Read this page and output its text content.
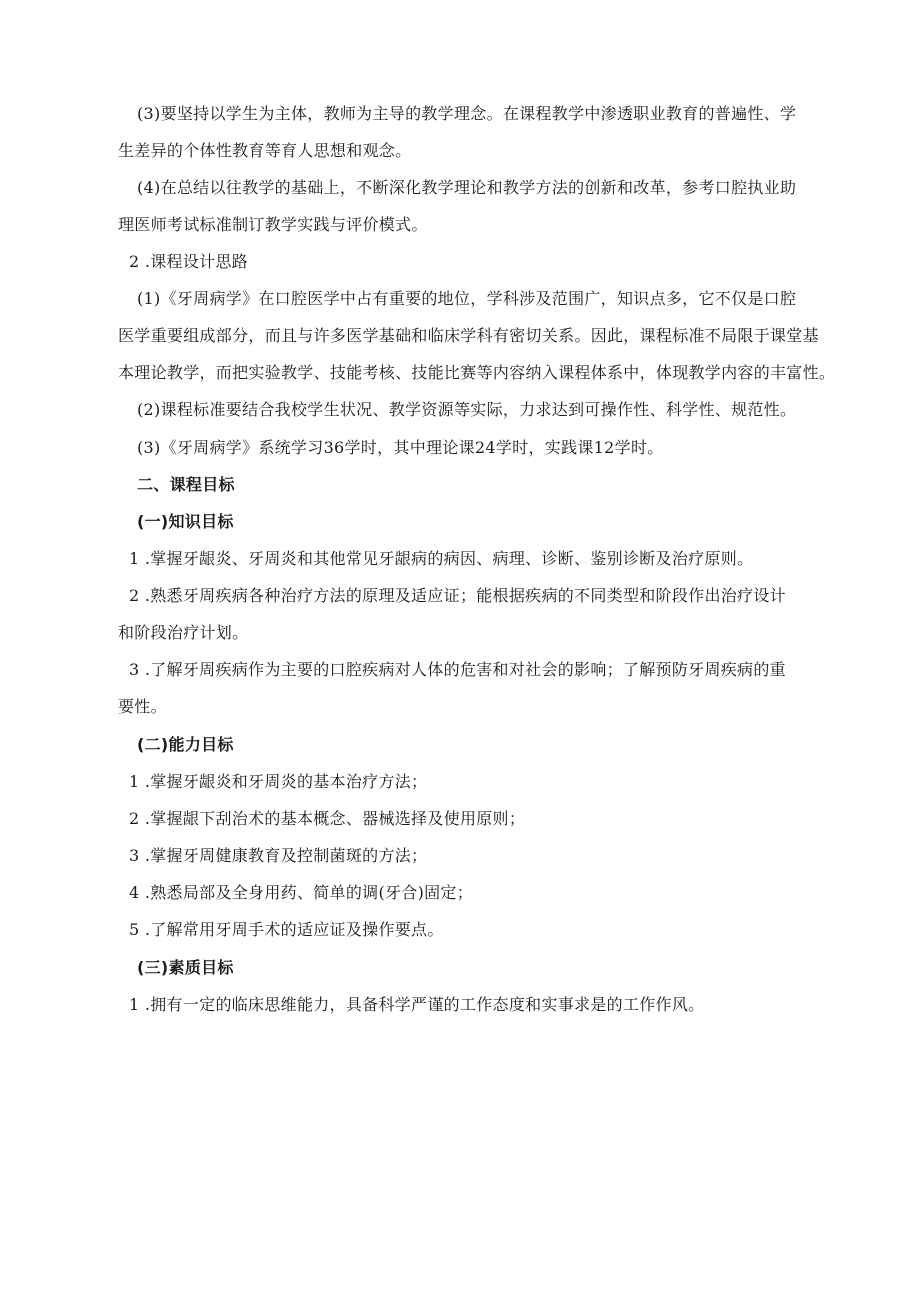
(3)要坚持以学生为主体，教师为主导的教学理念。在课程教学中渗透职业教育的普遍性、学
生差异的个体性教育等育人思想和观念。
(4)在总结以往教学的基础上，不断深化教学理论和教学方法的创新和改革，参考口腔执业助
理医师考试标准制订教学实践与评价模式。
2 .课程设计思路
(1)《牙周病学》在口腔医学中占有重要的地位，学科涉及范围广，知识点多，它不仅是口腔
医学重要组成部分，而且与许多医学基础和临床学科有密切关系。因此，课程标准不局限于课堂基
本理论教学，而把实验教学、技能考核、技能比赛等内容纳入课程体系中，体现教学内容的丰富性。
(2)课程标准要结合我校学生状况、教学资源等实际，力求达到可操作性、科学性、规范性。
(3)《牙周病学》系统学习36学时，其中理论课24学时，实践课12学时。
二、课程目标
(一)知识目标
1 .掌握牙龈炎、牙周炎和其他常见牙龈病的病因、病理、诊断、鉴别诊断及治疗原则。
2 .熟悉牙周疾病各种治疗方法的原理及适应证；能根据疾病的不同类型和阶段作出治疗设计
和阶段治疗计划。
3 .了解牙周疾病作为主要的口腔疾病对人体的危害和对社会的影响；了解预防牙周疾病的重
要性。
(二)能力目标
1 .掌握牙龈炎和牙周炎的基本治疗方法；
2 .掌握龈下刮治术的基本概念、器械选择及使用原则；
3 .掌握牙周健康教育及控制菌斑的方法；
4 .熟悉局部及全身用药、简单的调(牙合)固定；
5 .了解常用牙周手术的适应证及操作要点。
(三)素质目标
1 .拥有一定的临床思维能力，具备科学严谨的工作态度和实事求是的工作作风。
